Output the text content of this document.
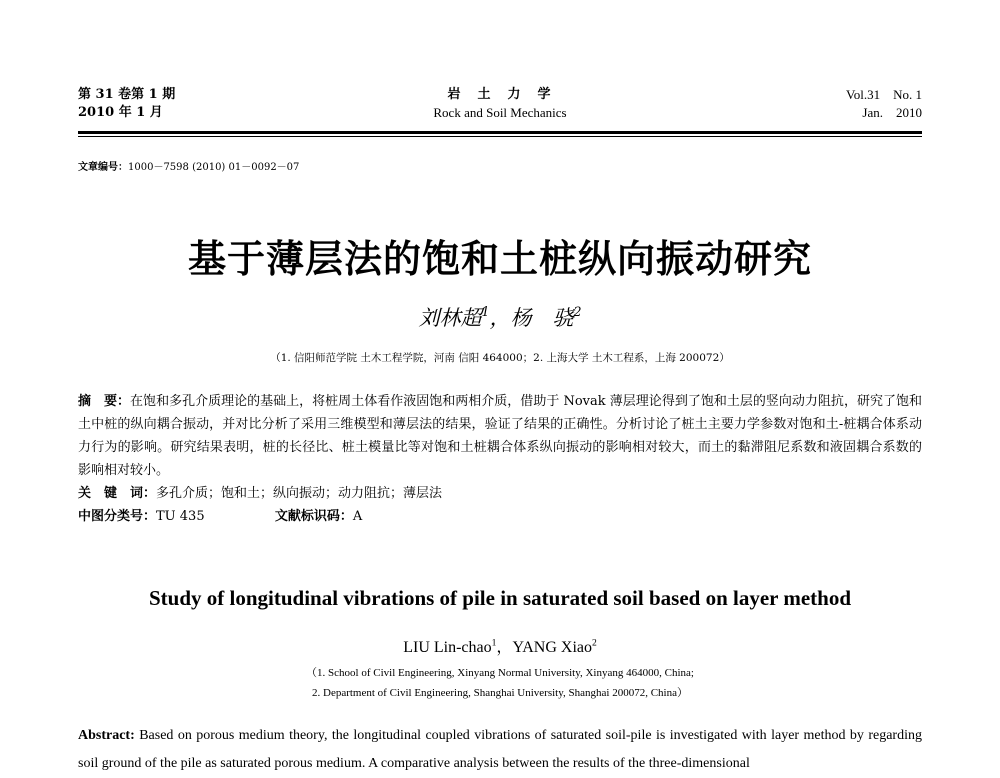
第 31 卷第 1 期
2010 年 1 月
岩　土　力　学
Rock and Soil Mechanics
Vol.31　No. 1
Jan.　2010
文章编号：1000－7598 (2010) 01－0092－07
基于薄层法的饱和土桩纵向振动研究
刘林超$^1$，杨　骁$^2$
（1. 信阳师范学院 土木工程学院，河南 信阳 464000；2. 上海大学 土木工程系，上海 200072）
摘　要：在饱和多孔介质理论的基础上，将桩周土体看作液固饱和两相介质，借助于 Novak 薄层理论得到了饱和土层的竖向动力阻抗，研究了饱和土中桩的纵向耦合振动，并对比分析了采用三维模型和薄层法的结果，验证了结果的正确性。分析讨论了桩土主要力学参数对饱和土-桩耦合体系动力行为的影响。研究结果表明，桩的长径比、桩土模量比等对饱和土桩耦合体系纵向振动的影响相对较大，而土的黏滞阻尼系数和液固耦合系数的影响相对较小。
关　键　词：多孔介质；饱和土；纵向振动；动力阻抗；薄层法
中图分类号：TU 435	文献标识码：A
Study of longitudinal vibrations of pile in saturated soil based on layer method
LIU Lin-chao$^1$，YANG Xiao$^2$
（1. School of Civil Engineering, Xinyang Normal University, Xinyang 464000, China;
2. Department of Civil Engineering, Shanghai University, Shanghai 200072, China）
Abstract: Based on porous medium theory, the longitudinal coupled vibrations of saturated soil-pile is investigated with layer method by regarding soil ground of the pile as saturated porous medium. A comparative analysis between the results of the three-dimensional
